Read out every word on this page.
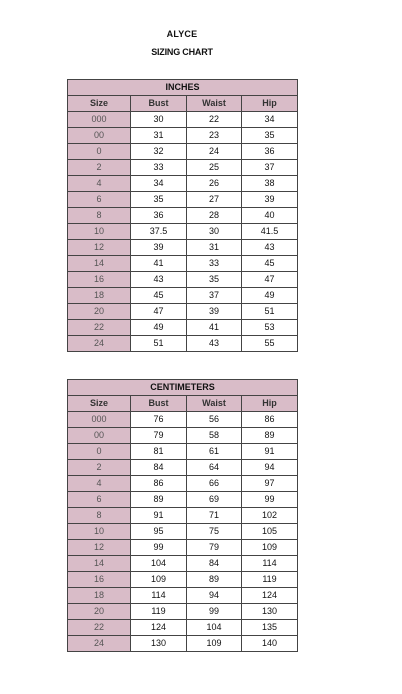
ALYCE
SIZING CHART
INCHES			
Size	Bust	Waist	Hip
000	30	22	34
00	31	23	35
0	32	24	36
2	33	25	37
4	34	26	38
6	35	27	39
8	36	28	40
10	37.5	30	41.5
12	39	31	43
14	41	33	45
16	43	35	47
18	45	37	49
20	47	39	51
22	49	41	53
24	51	43	55
CENTIMETERS			
Size	Bust	Waist	Hip
000	76	56	86
00	79	58	89
0	81	61	91
2	84	64	94
4	86	66	97
6	89	69	99
8	91	71	102
10	95	75	105
12	99	79	109
14	104	84	114
16	109	89	119
18	114	94	124
20	119	99	130
22	124	104	135
24	130	109	140
